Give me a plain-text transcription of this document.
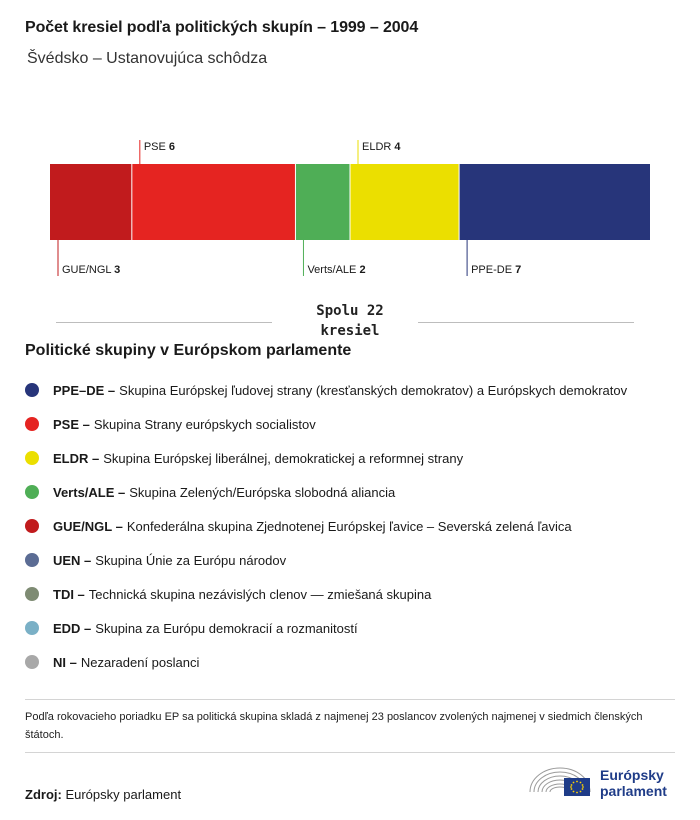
Počet kresiel podľa politických skupín – 1999 – 2004
Švédsko – Ustanovujúca schôdza
GUE/NGL 3
PSE 6
Verts/ALE 2
ELDR 4
PPE-DE 7
Spolu 22
kresiel
Politické skupiny v Európskom parlamente
PPE–DE – Skupina Európskej ľudovej strany (kresťanských demokratov) a Európskych demokratov
PSE – Skupina Strany európskych socialistov
ELDR – Skupina Európskej liberálnej, demokratickej a reformnej strany
Verts/ALE – Skupina Zelených/Európska slobodná aliancia
GUE/NGL – Konfederálna skupina Zjednotenej Európskej ľavice – Severská zelená ľavica
UEN – Skupina Únie za Európu národov
TDI – Technická skupina nezávislých clenov — zmiešaná skupina
EDD – Skupina za Európu demokracií a rozmanitostí
NI – Nezaradení poslanci
Podľa rokovacieho poriadku EP sa politická skupina skladá z najmenej 23 poslancov zvolených najmenej v siedmich členských štátoch.
Zdroj: Európsky parlament
Európsky
parlament
